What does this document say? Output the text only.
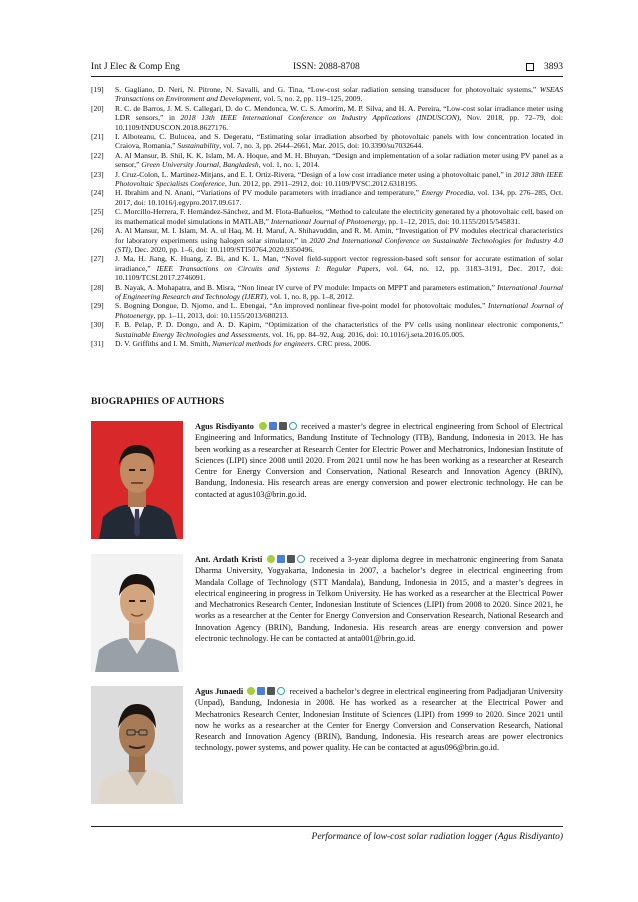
Int J Elec & Comp Eng	ISSN: 2088-8708	3893
[19]	S. Gagliano, D. Neri, N. Pitrone, N. Savalli, and G. Tina, “Low-cost solar radiation sensing transducer for photovoltaic systems,” WSEAS Transactions on Environment and Development, vol. 5, no. 2, pp. 119–125, 2009.
[20]	R. C. de Barros, J. M. S. Callegari, D. do C. Mendonca, W. C. S. Amorim, M. P. Silva, and H. A. Pereira, “Low-cost solar irradiance meter using LDR sensors,” in 2018 13th IEEE International Conference on Industry Applications (INDUSCON), Nov. 2018, pp. 72–79, doi: 10.1109/INDUSCON.2018.8627176.
[21]	I. Alboteanu, C. Bulucea, and S. Degeratu, “Estimating solar irradiation absorbed by photovoltaic panels with low concentration located in Craiova, Romania,” Sustainability, vol. 7, no. 3, pp. 2644–2661, Mar. 2015, doi: 10.3390/su7032644.
[22]	A. Al Mansur, B. Shil, K. K. Islam, M. A. Hoque, and M. H. Bhuyan, “Design and implementation of a solar radiation meter using PV panel as a sensor,” Green University Journal, Bangladesh, vol. 1, no. 1, 2014.
[23]	J. Cruz-Colon, L. Martinez-Mitjans, and E. I. Ortiz-Rivera, “Design of a low cost irradiance meter using a photovoltaic panel,” in 2012 38th IEEE Photovoltaic Specialists Conference, Jun. 2012, pp. 2911–2912, doi: 10.1109/PVSC.2012.6318195.
[24]	H. Ibrahim and N. Anani, “Variations of PV module parameters with irradiance and temperature,” Energy Procedia, vol. 134, pp. 276–285, Oct. 2017, doi: 10.1016/j.egypro.2017.09.617.
[25]	C. Morcillo-Herrera, F. Hernández-Sánchez, and M. Flota-Bañuelos, “Method to calculate the electricity generated by a photovoltaic cell, based on its mathematical model simulations in MATLAB,” International Journal of Photoenergy, pp. 1–12, 2015, doi: 10.1155/2015/545831.
[26]	A. Al Mansur, M. I. Islam, M. A. ul Haq, M. H. Maruf, A. Shihavuddin, and R. M. Amin, “Investigation of PV modules electrical characteristics for laboratory experiments using halogen solar simulator,” in 2020 2nd International Conference on Sustainable Technologies for Industry 4.0 (STI), Dec. 2020, pp. 1–6, doi: 10.1109/STI50764.2020.9350496.
[27]	J. Ma, H. Jiang, K. Huang, Z. Bi, and K. L. Man, “Novel field-support vector regression-based soft sensor for accurate estimation of solar irradiance,” IEEE Transactions on Circuits and Systems I: Regular Papers, vol. 64, no. 12, pp. 3183–3191, Dec. 2017, doi: 10.1109/TCSI.2017.2746091.
[28]	B. Nayak, A. Mohapatra, and B. Misra, “Non linear IV curve of PV module: Impacts on MPPT and parameters estimation,” International Journal of Engineering Research and Technology (IJERT), vol. 1, no. 8, pp. 1–8, 2012.
[29]	S. Bogning Dongue, D. Njomo, and L. Ebengai, “An improved nonlinear five-point model for photovoltaic modules,” International Journal of Photoenergy, pp. 1–11, 2013, doi: 10.1155/2013/680213.
[30]	F. B. Pelap, P. D. Dongo, and A. D. Kapim, “Optimization of the characteristics of the PV cells using nonlinear electronic components,” Sustainable Energy Technologies and Assessments, vol. 16, pp. 84–92, Aug. 2016, doi: 10.1016/j.seta.2016.05.005.
[31]	D. V. Griffiths and I. M. Smith, Numerical methods for engineers. CRC press, 2006.
BIOGRAPHIES OF AUTHORS
Agus Risdiyanto	received a master’s degree in electrical engineering from School of Electrical Engineering and Informatics, Bandung Institute of Technology (ITB), Bandung, Indonesia in 2013. He has been working as a researcher at Research Center for Electric Power and Mechatronics, Indonesian Institute of Sciences (LIPI) since 2008 until 2020. From 2021 until now he has been working as a researcher at Research Centre for Energy Conversion and Conservation, National Research and Innovation Agency (BRIN), Bandung, Indonesia. His research areas are energy conversion and power electronic technology. He can be contacted at agus103@brin.go.id.
Ant. Ardath Kristi	received a 3-year diploma degree in mechatronic engineering from Sanata Dharma University, Yogyakarta, Indonesia in 2007, a bachelor’s degree in electrical engineering from Mandala Collage of Technology (STT Mandala), Bandung, Indonesia in 2015, and a master’s degrees in electrical engineering in progress in Telkom University. He has worked as a researcher at the Electrical Power and Mechatronics Research Center, Indonesian Institute of Sciences (LIPI) from 2008 to 2020. Since 2021, he works as a researcher at the Center for Energy Conversion and Conservation Research, National Research and Innovation Agency (BRIN), Bandung, Indonesia. His research areas are energy conversion and power electronic technology. He can be contacted at anta001@brin.go.id.
Agus Junaedi	received a bachelor’s degree in electrical engineering from Padjadjaran University (Unpad), Bandung, Indonesia in 2008. He has worked as a researcher at the Electrical Power and Mechatronics Research Center, Indonesian Institute of Sciences (LIPI) from 1999 to 2020. Since 2021 until now he works as a researcher at the Center for Energy Conversion and Conservation Research, National Research and Innovation Agency (BRIN), Bandung, Indonesia. His research areas are power electronics technology, power systems, and power quality. He can be contacted at agus096@brin.go.id.
Performance of low-cost solar radiation logger (Agus Risdiyanto)
